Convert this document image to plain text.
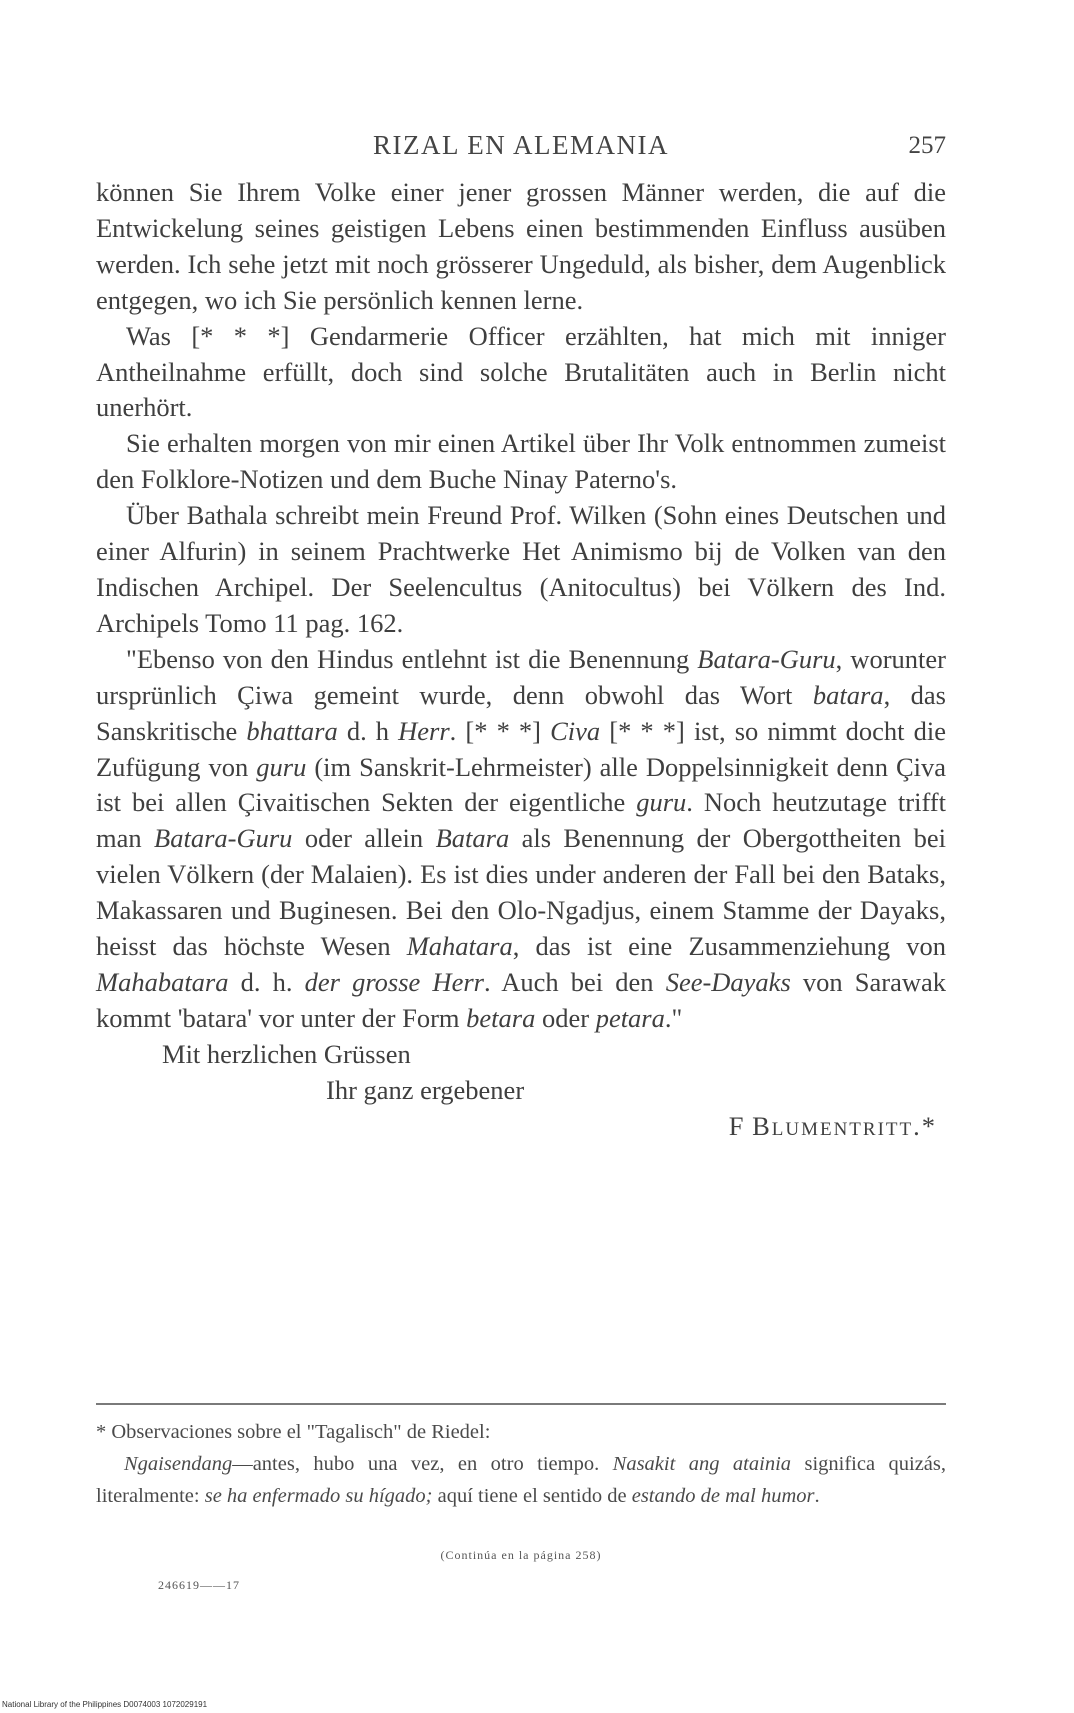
RIZAL EN ALEMANIA	257

können Sie Ihrem Volke einer jener grossen Männer werden, die auf die Entwickelung seines geistigen Lebens einen bestimmenden Einfluss ausüben werden. Ich sehe jetzt mit noch grösserer Ungeduld, als bisher, dem Augenblick entgegen, wo ich Sie persönlich kennen lerne.

Was [* * *] Gendarmerie Officer erzählten, hat mich mit inniger Antheilnahme erfüllt, doch sind solche Brutalitäten auch in Berlin nicht unerhört.

Sie erhalten morgen von mir einen Artikel über Ihr Volk entnommen zumeist den Folklore-Notizen und dem Buche Ninay Paterno's.

Über Bathala schreibt mein Freund Prof. Wilken (Sohn eines Deutschen und einer Alfurin) in seinem Prachtwerke Het Animismo bij de Volken van den Indischen Archipel. Der Seelencultus (Anitocultus) bei Völkern des Ind. Archipels Tomo 11 pag. 162.

"Ebenso von den Hindus entlehnt ist die Benennung Batara-Guru, worunter ursprünlich Çiwa gemeint wurde, denn obwohl das Wort batara, das Sanskritische bhattara d. h Herr. [* * *] Civa [* * *] ist, so nimmt docht die Zufügung von guru (im Sanskrit-Lehrmeister) alle Doppelsinnigkeit denn Çiva ist bei allen Çivaitischen Sekten der eigentliche guru. Noch heutzutage trifft man Batara-Guru oder allein Batara als Benennung der Obergottheiten bei vielen Völkern (der Malaien). Es ist dies under anderen der Fall bei den Bataks, Makassaren und Buginesen. Bei den Olo-Ngadjus, einem Stamme der Dayaks, heisst das höchste Wesen Mahatara, das ist eine Zusammenziehung von Mahabatara d. h. der grosse Herr. Auch bei den See-Dayaks von Sarawak kommt 'batara' vor unter der Form betara oder petara."

Mit herzlichen Grüssen

Ihr ganz ergebener

F Blumentritt.*

* Observaciones sobre el "Tagalisch" de Riedel:

Ngaisendang—antes, hubo una vez, en otro tiempo. Nasakit ang atainia significa quizás, literalmente: se ha enfermado su hígado; aquí tiene el sentido de estando de mal humor.

(Continúa en la página 258)
246619——17
National Library of the Philippines D0074003 1072029191
